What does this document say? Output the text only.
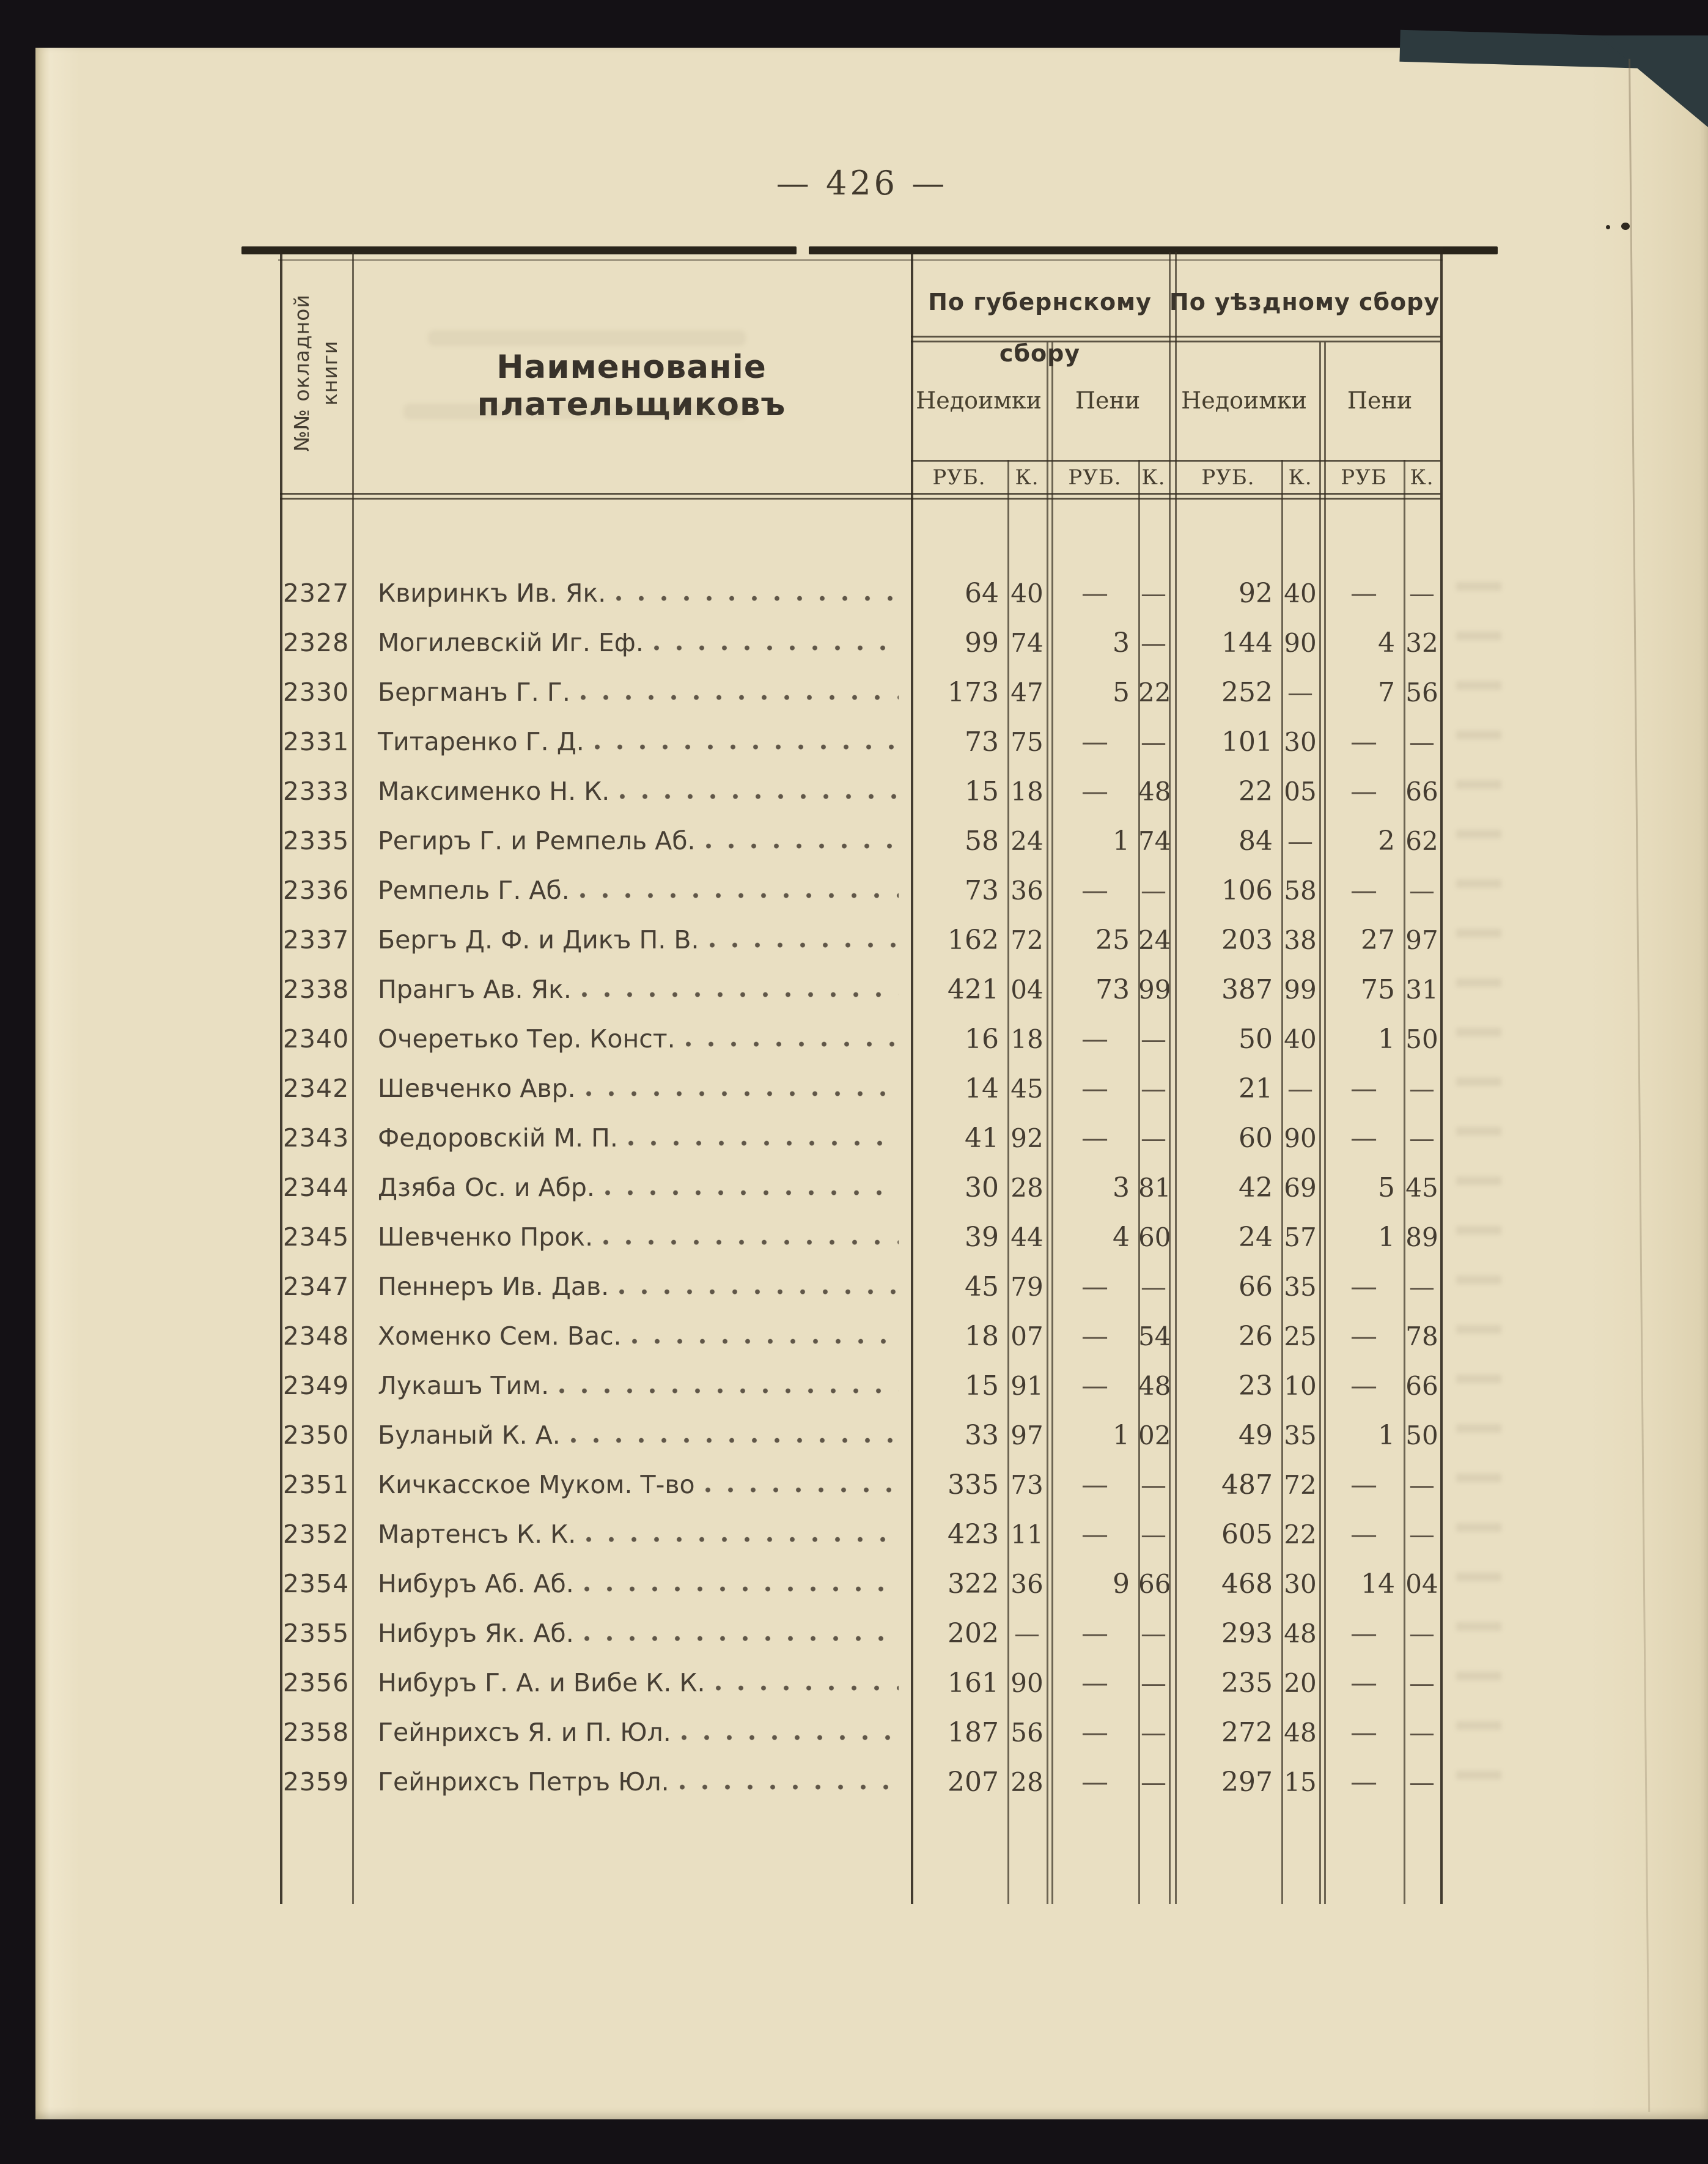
— 426 —
№№ окладной книги	Наименованіе плательщиковъ
По губернскому сбору
По уѣздному сбору
Недоимки	Пени	Недоимки	Пени
РУБ.	К.	РУБ. К.	РУБ.	К.	РУБ	К.
2327 Квиринкъ Ив. Як.	64 40	—	—	92 40	—	—
2328 Могилевскій Иг. Еф.	99 74	3 —	144 90	4 32
2330 Бергманъ Г. Г.	173 47	5 22	252 —	7 56
2331 Титаренко Г. Д.	73 75	—	—	101 30	—	—
2333 Максименко Н. К.	15 18	—	48	22 05	—	66
2335 Региръ Г. и Ремпель Аб.	58 24	1 74	84 —	2 62
2336 Ремпель Г. Аб.	73 36	—	—	106 58	—	—
2337 Бергъ Д. Ф. и Дикъ П. В.	162 72	25 24	203 38	27 97
2338 Прангъ Ав. Як.	421 04	73 99	387 99	75 31
2340 Очеретько Тер. Конст.	16 18	—	—	50 40	1 50
2342 Шевченко Авр.	14 45	—	—	21 —	—	—
2343 Федоровскій М. П.	41 92	—	—	60 90	—	—
2344 Дзяба Ос. и Абр.	30 28	3 81	42 69	5 45
2345 Шевченко Прок.	39 44	4 60	24 57	1 89
2347 Пеннеръ Ив. Дав.	45 79	—	—	66 35	—	—
2348 Хоменко Сем. Вас.	18 07	—	54	26 25	—	78
2349 Лукашъ Тим.	15 91	—	48	23 10	—	66
2350 Буланый К. А.	33 97	1 02	49 35	1 50
2351 Кичкасское Муком. Т-во	335 73	—	—	487 72	—	—
2352 Мартенсъ К. К.	423 11	—	—	605 22	—	—
2354 Нибуръ Аб. Аб.	322 36	9 66	468 30	14 04
2355 Нибуръ Як. Аб.	202 —	—	—	293 48	—	—
2356 Нибуръ Г. А. и Вибе К. К.	161 90	—	—	235 20	—	—
2358 Гейнрихсъ Я. и П. Юл.	187 56	—	—	272 48	—	—
2359 Гейнрихсъ Петръ Юл.	207 28	—	—	297 15	—	—
